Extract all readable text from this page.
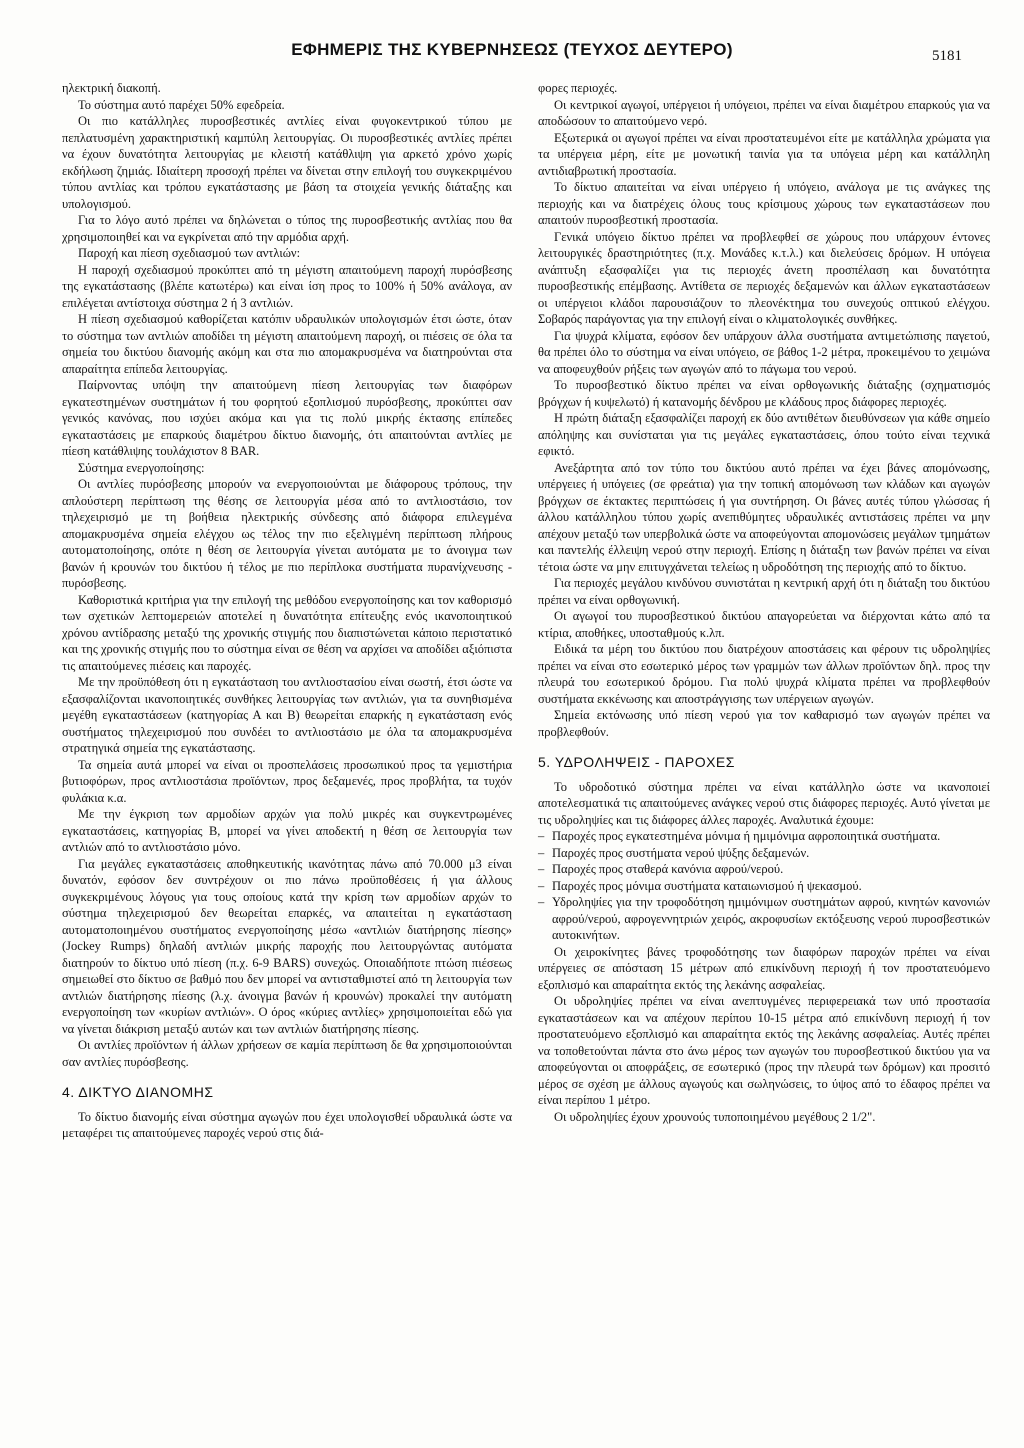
ΕΦΗΜΕΡΙΣ ΤΗΣ ΚΥΒΕΡΝΗΣΕΩΣ (ΤΕΥΧΟΣ ΔΕΥΤΕΡΟ)	5181

ηλεκτρική διακοπή.

Το σύστημα αυτό παρέχει 50% εφεδρεία.

Οι πιο κατάλληλες πυροσβεστικές αντλίες είναι φυγοκεντρικού τύπου με πεπλατυσμένη χαρακτηριστική καμπύλη λειτουργίας. Οι πυροσβεστικές αντλίες πρέπει να έχουν δυνατότητα λειτουργίας με κλειστή κατάθλιψη για αρκετό χρόνο χωρίς εκδήλωση ζημιάς. Ιδιαίτερη προσοχή πρέπει να δίνεται στην επιλογή του συγκεκριμένου τύπου αντλίας και τρόπου εγκατάστασης με βάση τα στοιχεία γενικής διάταξης και υπολογισμού.

Για το λόγο αυτό πρέπει να δηλώνεται ο τύπος της πυροσβεστικής αντλίας που θα χρησιμοποιηθεί και να εγκρίνεται από την αρμόδια αρχή.

Παροχή και πίεση σχεδιασμού των αντλιών:

Η παροχή σχεδιασμού προκύπτει από τη μέγιστη απαιτούμενη παροχή πυρόσβεσης της εγκατάστασης (βλέπε κατωτέρω) και είναι ίση προς το 100% ή 50% ανάλογα, αν επιλέγεται αντίστοιχα σύστημα 2 ή 3 αντλιών.

Η πίεση σχεδιασμού καθορίζεται κατόπιν υδραυλικών υπολογισμών έτσι ώστε, όταν το σύστημα των αντλιών αποδίδει τη μέγιστη απαιτούμενη παροχή, οι πιέσεις σε όλα τα σημεία του δικτύου διανομής ακόμη και στα πιο απομακρυσμένα να διατηρούνται στα απαραίτητα επίπεδα λειτουργίας.

Παίρνοντας υπόψη την απαιτούμενη πίεση λειτουργίας των διαφόρων εγκατεστημένων συστημάτων ή του φορητού εξοπλισμού πυρόσβεσης, προκύπτει σαν γενικός κανόνας, που ισχύει ακόμα και για τις πολύ μικρής έκτασης επίπεδες εγκαταστάσεις με επαρκούς διαμέτρου δίκτυο διανομής, ότι απαιτούνται αντλίες με πίεση κατάθλιψης τουλάχιστον 8 BAR.

Σύστημα ενεργοποίησης:

Οι αντλίες πυρόσβεσης μπορούν να ενεργοποιούνται με διάφορους τρόπους, την απλούστερη περίπτωση της θέσης σε λειτουργία μέσα από το αντλιοστάσιο, τον τηλεχειρισμό με τη βοήθεια ηλεκτρικής σύνδεσης από διάφορα επιλεγμένα απομακρυσμένα σημεία ελέγχου ως τέλος την πιο εξελιγμένη περίπτωση πλήρους αυτοματοποίησης, οπότε η θέση σε λειτουργία γίνεται αυτόματα με το άνοιγμα των βανών ή κρουνών του δικτύου ή τέλος με πιο περίπλοκα συστήματα πυρανίχνευσης - πυρόσβεσης.

Καθοριστικά κριτήρια για την επιλογή της μεθόδου ενεργοποίησης και τον καθορισμό των σχετικών λεπτομερειών αποτελεί η δυνατότητα επίτευξης ενός ικανοποιητικού χρόνου αντίδρασης μεταξύ της χρονικής στιγμής που διαπιστώνεται κάποιο περιστατικό και της χρονικής στιγμής που το σύστημα είναι σε θέση να αρχίσει να αποδίδει αξιόπιστα τις απαιτούμενες πιέσεις και παροχές.

Με την προϋπόθεση ότι η εγκατάσταση του αντλιοστασίου είναι σωστή, έτσι ώστε να εξασφαλίζονται ικανοποιητικές συνθήκες λειτουργίας των αντλιών, για τα συνηθισμένα μεγέθη εγκαταστάσεων (κατηγορίας Α και Β) θεωρείται επαρκής η εγκατάσταση ενός συστήματος τηλεχειρισμού που συνδέει το αντλιοστάσιο με όλα τα απομακρυσμένα στρατηγικά σημεία της εγκατάστασης.

Τα σημεία αυτά μπορεί να είναι οι προσπελάσεις προσωπικού προς τα γεμιστήρια βυτιοφόρων, προς αντλιοστάσια προϊόντων, προς δεξαμενές, προς προβλήτα, τα τυχόν φυλάκια κ.α.

Με την έγκριση των αρμοδίων αρχών για πολύ μικρές και συγκεντρωμένες εγκαταστάσεις, κατηγορίας Β, μπορεί να γίνει αποδεκτή η θέση σε λειτουργία των αντλιών από το αντλιοστάσιο μόνο.

Για μεγάλες εγκαταστάσεις αποθηκευτικής ικανότητας πάνω από 70.000 μ3 είναι δυνατόν, εφόσον δεν συντρέχουν οι πιο πάνω προϋποθέσεις ή για άλλους συγκεκριμένους λόγους για τους οποίους κατά την κρίση των αρμοδίων αρχών το σύστημα τηλεχειρισμού δεν θεωρείται επαρκές, να απαιτείται η εγκατάσταση αυτοματοποιημένου συστήματος ενεργοποίησης μέσω «αντλιών διατήρησης πίεσης» (Jockey Rumps) δηλαδή αντλιών μικρής παροχής που λειτουργώντας αυτόματα διατηρούν το δίκτυο υπό πίεση (π.χ. 6-9 BARS) συνεχώς. Οποιαδήποτε πτώση πιέσεως σημειωθεί στο δίκτυο σε βαθμό που δεν μπορεί να αντισταθμιστεί από τη λειτουργία των αντλιών διατήρησης πίεσης (λ.χ. άνοιγμα βανών ή κρουνών) προκαλεί την αυτόματη ενεργοποίηση των «κυρίων αντλιών». Ο όρος «κύριες αντλίες» χρησιμοποιείται εδώ για να γίνεται διάκριση μεταξύ αυτών και των αντλιών διατήρησης πίεσης.

Οι αντλίες προϊόντων ή άλλων χρήσεων σε καμία περίπτωση δε θα χρησιμοποιούνται σαν αντλίες πυρόσβεσης.

4. ΔΙΚΤΥΟ ΔΙΑΝΟΜΗΣ

Το δίκτυο διανομής είναι σύστημα αγωγών που έχει υπολογισθεί υδραυλικά ώστε να μεταφέρει τις απαιτούμενες παροχές νερού στις διά-

φορες περιοχές.

Οι κεντρικοί αγωγοί, υπέργειοι ή υπόγειοι, πρέπει να είναι διαμέτρου επαρκούς για να αποδώσουν το απαιτούμενο νερό.

Εξωτερικά οι αγωγοί πρέπει να είναι προστατευμένοι είτε με κατάλληλα χρώματα για τα υπέργεια μέρη, είτε με μονωτική ταινία για τα υπόγεια μέρη και κατάλληλη αντιδιαβρωτική προστασία.

Το δίκτυο απαιτείται να είναι υπέργειο ή υπόγειο, ανάλογα με τις ανάγκες της περιοχής και να διατρέχεις όλους τους κρίσιμους χώρους των εγκαταστάσεων που απαιτούν πυροσβεστική προστασία.

Γενικά υπόγειο δίκτυο πρέπει να προβλεφθεί σε χώρους που υπάρχουν έντονες λειτουργικές δραστηριότητες (π.χ. Μονάδες κ.τ.λ.) και διελεύσεις δρόμων. Η υπόγεια ανάπτυξη εξασφαλίζει για τις περιοχές άνετη προσπέλαση και δυνατότητα πυροσβεστικής επέμβασης. Αντίθετα σε περιοχές δεξαμενών και άλλων εγκαταστάσεων οι υπέργειοι κλάδοι παρουσιάζουν το πλεονέκτημα του συνεχούς οπτικού ελέγχου. Σοβαρός παράγοντας για την επιλογή είναι ο κλιματολογικές συνθήκες.

Για ψυχρά κλίματα, εφόσον δεν υπάρχουν άλλα συστήματα αντιμετώπισης παγετού, θα πρέπει όλο το σύστημα να είναι υπόγειο, σε βάθος 1-2 μέτρα, προκειμένου το χειμώνα να αποφευχθούν ρήξεις των αγωγών από το πάγωμα του νερού.

Το πυροσβεστικό δίκτυο πρέπει να είναι ορθογωνικής διάταξης (σχηματισμός βρόγχων ή κυψελωτό) ή κατανομής δένδρου με κλάδους προς διάφορες περιοχές.

Η πρώτη διάταξη εξασφαλίζει παροχή εκ δύο αντιθέτων διευθύνσεων για κάθε σημείο απόληψης και συνίσταται για τις μεγάλες εγκαταστάσεις, όπου τούτο είναι τεχνικά εφικτό.

Ανεξάρτητα από τον τύπο του δικτύου αυτό πρέπει να έχει βάνες απομόνωσης, υπέργειες ή υπόγειες (σε φρεάτια) για την τοπική απομόνωση των κλάδων και αγωγών βρόγχων σε έκτακτες περιπτώσεις ή για συντήρηση. Οι βάνες αυτές τύπου γλώσσας ή άλλου κατάλληλου τύπου χωρίς ανεπιθύμητες υδραυλικές αντιστάσεις πρέπει να μην απέχουν μεταξύ των υπερβολικά ώστε να αποφεύγονται απομονώσεις μεγάλων τμημάτων και παντελής έλλειψη νερού στην περιοχή. Επίσης η διάταξη των βανών πρέπει να είναι τέτοια ώστε να μην επιτυγχάνεται τελείως η υδροδότηση της περιοχής από το δίκτυο.

Για περιοχές μεγάλου κινδύνου συνιστάται η κεντρική αρχή ότι η διάταξη του δικτύου πρέπει να είναι ορθογωνική.

Οι αγωγοί του πυροσβεστικού δικτύου απαγορεύεται να διέρχονται κάτω από τα κτίρια, αποθήκες, υποσταθμούς κ.λπ.

Ειδικά τα μέρη του δικτύου που διατρέχουν αποστάσεις και φέρουν τις υδροληψίες πρέπει να είναι στο εσωτερικό μέρος των γραμμών των άλλων προϊόντων δηλ. προς την πλευρά του εσωτερικού δρόμου. Για πολύ ψυχρά κλίματα πρέπει να προβλεφθούν συστήματα εκκένωσης και αποστράγγισης των υπέργειων αγωγών.

Σημεία εκτόνωσης υπό πίεση νερού για τον καθαρισμό των αγωγών πρέπει να προβλεφθούν.

5. ΥΔΡΟΛΗΨΕΙΣ - ΠΑΡΟΧΕΣ

Το υδροδοτικό σύστημα πρέπει να είναι κατάλληλο ώστε να ικανοποιεί αποτελεσματικά τις απαιτούμενες ανάγκες νερού στις διάφορες περιοχές. Αυτό γίνεται με τις υδροληψίες και τις διάφορες άλλες παροχές. Αναλυτικά έχουμε:

– Παροχές προς εγκατεστημένα μόνιμα ή ημιμόνιμα αφροποιητικά συστήματα.
– Παροχές προς συστήματα νερού ψύξης δεξαμενών.
– Παροχές προς σταθερά κανόνια αφρού/νερού.
– Παροχές προς μόνιμα συστήματα καταιωνισμού ή ψεκασμού.
– Υδροληψίες για την τροφοδότηση ημιμόνιμων συστημάτων αφρού, κινητών κανονιών αφρού/νερού, αφρογεννητριών χειρός, ακροφυσίων εκτόξευσης νερού πυροσβεστικών αυτοκινήτων.

Οι χειροκίνητες βάνες τροφοδότησης των διαφόρων παροχών πρέπει να είναι υπέργειες σε απόσταση 15 μέτρων από επικίνδυνη περιοχή ή τον προστατευόμενο εξοπλισμό και απαραίτητα εκτός της λεκάνης ασφαλείας.

Οι υδροληψίες πρέπει να είναι ανεπτυγμένες περιφερειακά των υπό προστασία εγκαταστάσεων και να απέχουν περίπου 10-15 μέτρα από επικίνδυνη περιοχή ή τον προστατευόμενο εξοπλισμό και απαραίτητα εκτός της λεκάνης ασφαλείας. Αυτές πρέπει να τοποθετούνται πάντα στο άνω μέρος των αγωγών του πυροσβεστικού δικτύου για να αποφεύγονται οι αποφράξεις, σε εσωτερικό (προς την πλευρά των δρόμων) και προσιτό μέρος σε σχέση με άλλους αγωγούς και σωληνώσεις, το ύψος από το έδαφος πρέπει να είναι περίπου 1 μέτρο.

Οι υδροληψίες έχουν χρουνούς τυποποιημένου μεγέθους 2 1/2".
